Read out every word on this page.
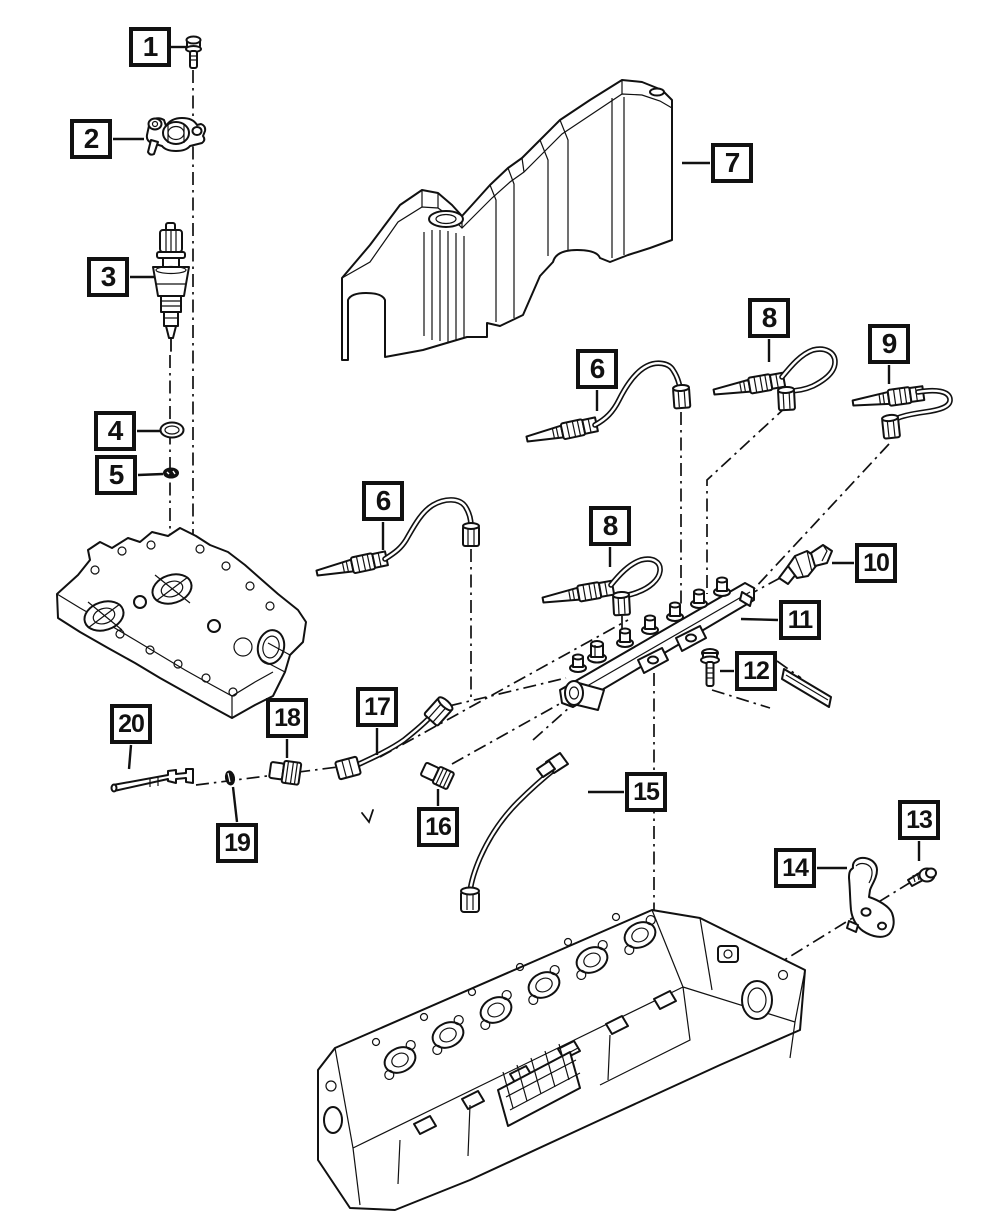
1
2
3
4
5
6
6
7
8
8
9
10
11
12
13
14
15
16
17
18
19
20
